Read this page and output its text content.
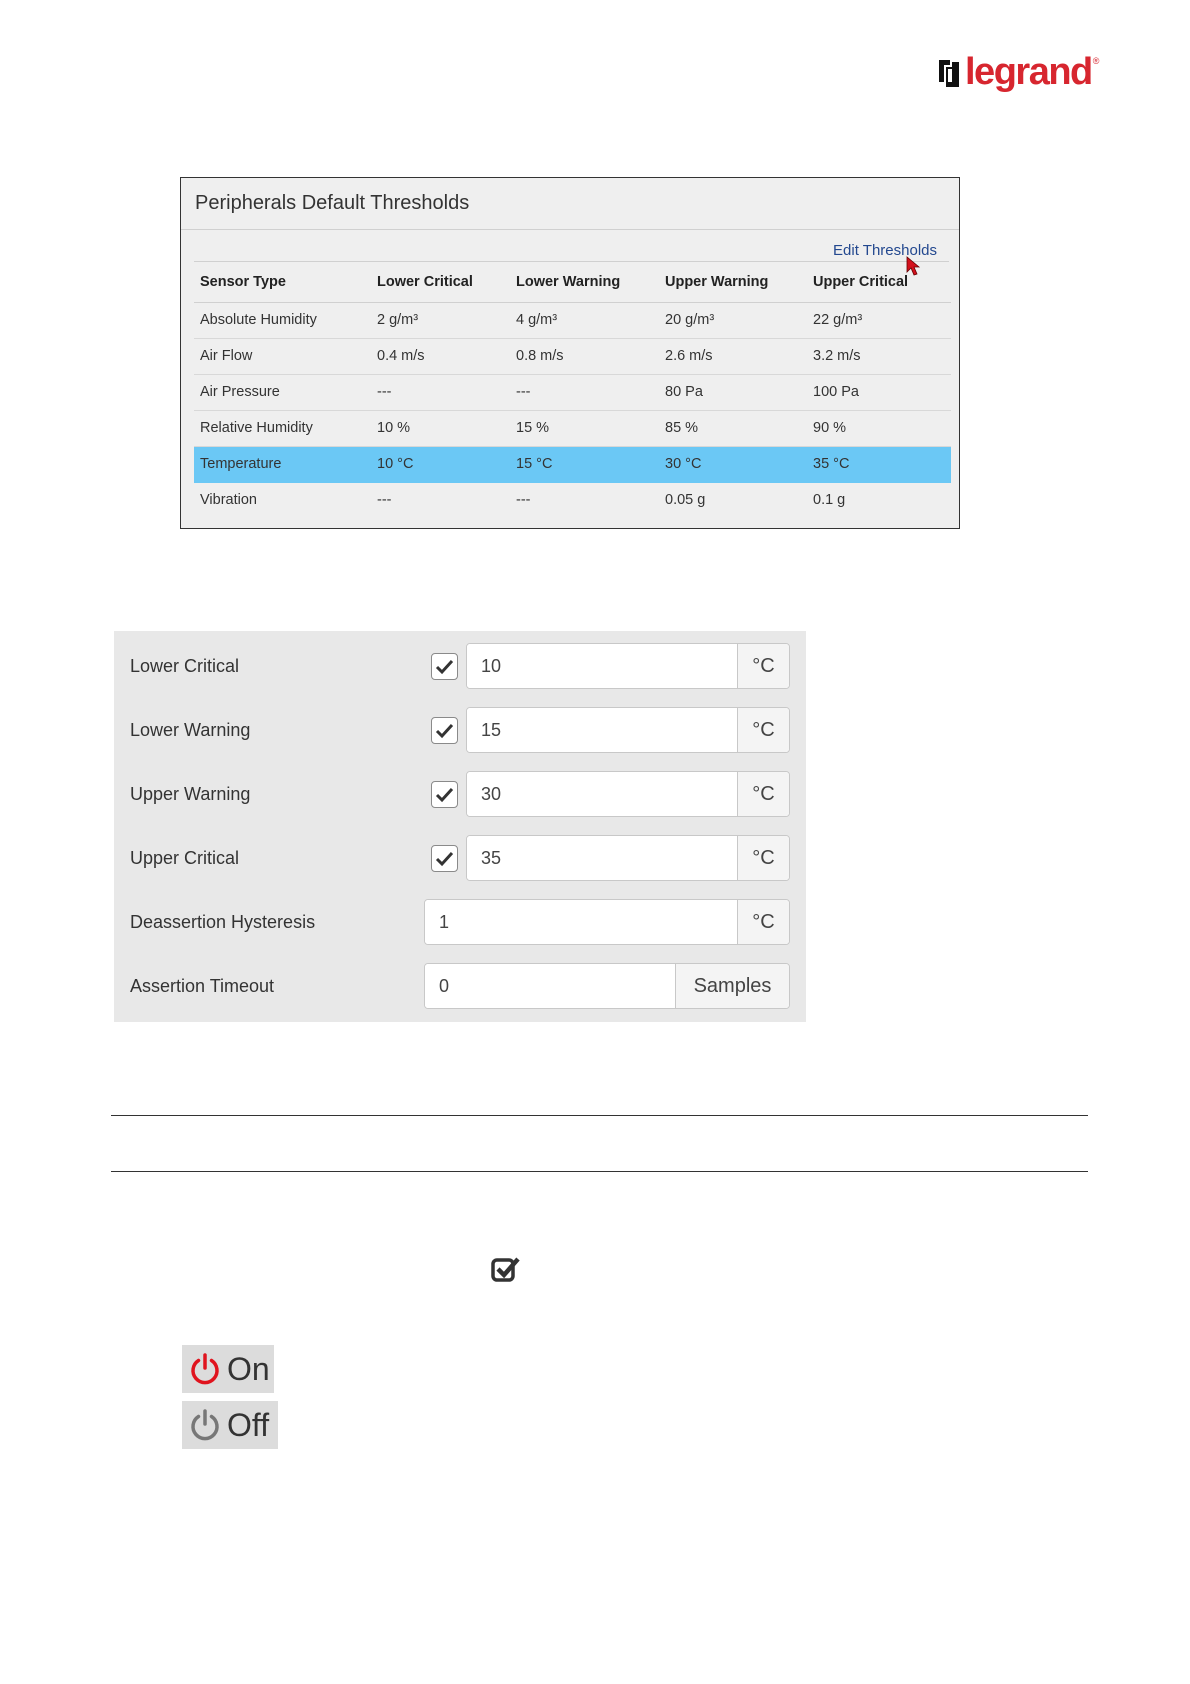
legrand ®
Peripherals Default Thresholds
Edit Thresholds
Sensor Type	Lower Critical	Lower Warning	Upper Warning	Upper Critical
Absolute Humidity	2 g/m³	4 g/m³	20 g/m³	22 g/m³
Air Flow	0.4 m/s	0.8 m/s	2.6 m/s	3.2 m/s
Air Pressure	---	---	80 Pa	100 Pa
Relative Humidity	10 %	15 %	85 %	90 %
Temperature	10 °C	15 °C	30 °C	35 °C
Vibration	---	---	0.05 g	0.1 g
Lower Critical	10	°C
Lower Warning	15	°C
Upper Warning	30	°C
Upper Critical	35	°C
Deassertion Hysteresis	1	°C
Assertion Timeout	0	Samples
On
Off
